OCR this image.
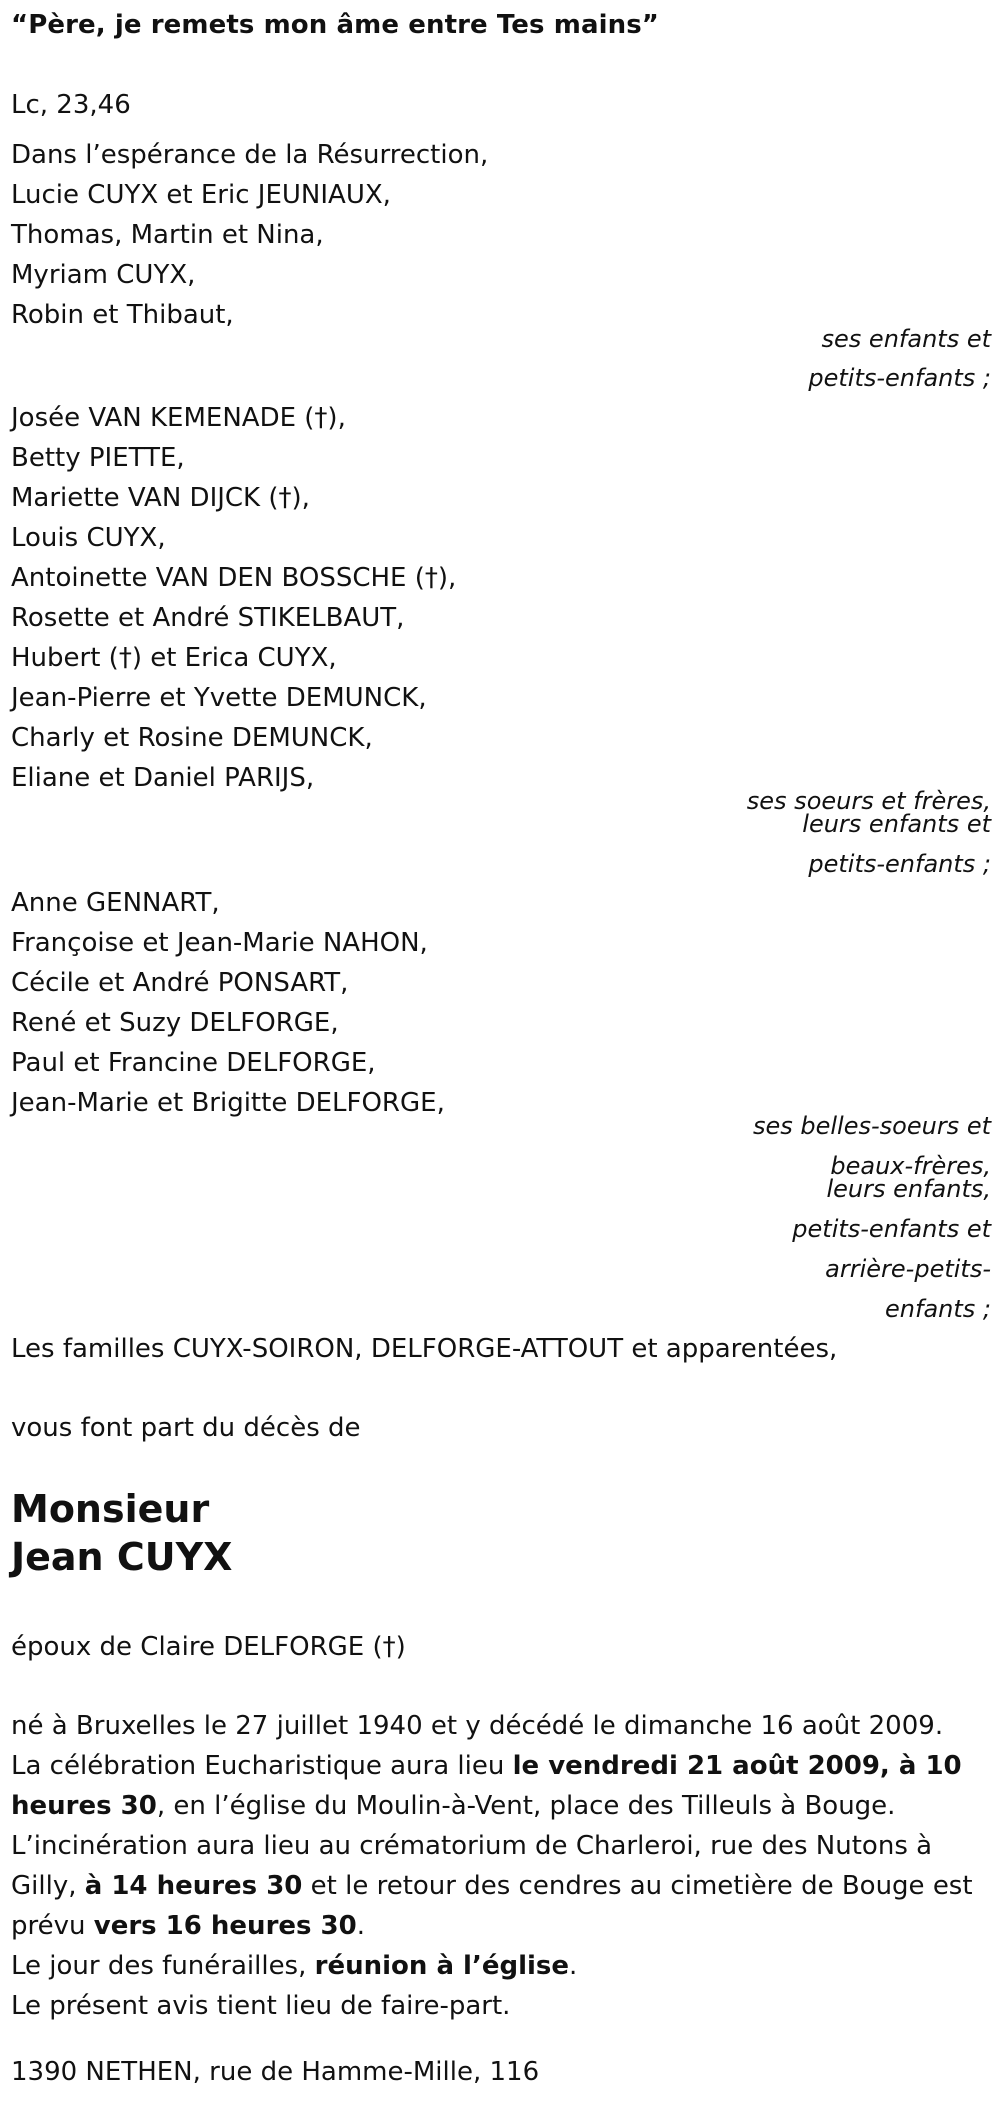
“Père, je remets mon âme entre Tes mains”
Lc, 23,46
Dans l’espérance de la Résurrection,
Lucie CUYX et Eric JEUNIAUX,
Thomas, Martin et Nina,
Myriam CUYX,
Robin et Thibaut,
ses enfants et
petits-enfants ;
Josée VAN KEMENADE (†),
Betty PIETTE,
Mariette VAN DIJCK (†),
Louis CUYX,
Antoinette VAN DEN BOSSCHE (†),
Rosette et André STIKELBAUT,
Hubert (†) et Erica CUYX,
Jean-Pierre et Yvette DEMUNCK,
Charly et Rosine DEMUNCK,
Eliane et Daniel PARIJS,
ses soeurs et frères,
leurs enfants et
petits-enfants ;
Anne GENNART,
Françoise et Jean-Marie NAHON,
Cécile et André PONSART,
René et Suzy DELFORGE,
Paul et Francine DELFORGE,
Jean-Marie et Brigitte DELFORGE,
ses belles-soeurs et
beaux-frères,
leurs enfants,
petits-enfants et
arrière-petits-
enfants ;
Les familles CUYX-SOIRON, DELFORGE-ATTOUT et apparentées,
vous font part du décès de
Monsieur
Jean CUYX
époux de Claire DELFORGE (†)
né à Bruxelles le 27 juillet 1940 et y décédé le dimanche 16 août 2009.
La célébration Eucharistique aura lieu le vendredi 21 août 2009, à 10 heures 30, en l’église du Moulin-à-Vent, place des Tilleuls à Bouge.
L’incinération aura lieu au crématorium de Charleroi, rue des Nutons à Gilly, à 14 heures 30 et le retour des cendres au cimetière de Bouge est prévu vers 16 heures 30.
Le jour des funérailles, réunion à l’église.
Le présent avis tient lieu de faire-part.
1390 NETHEN, rue de Hamme-Mille, 116
